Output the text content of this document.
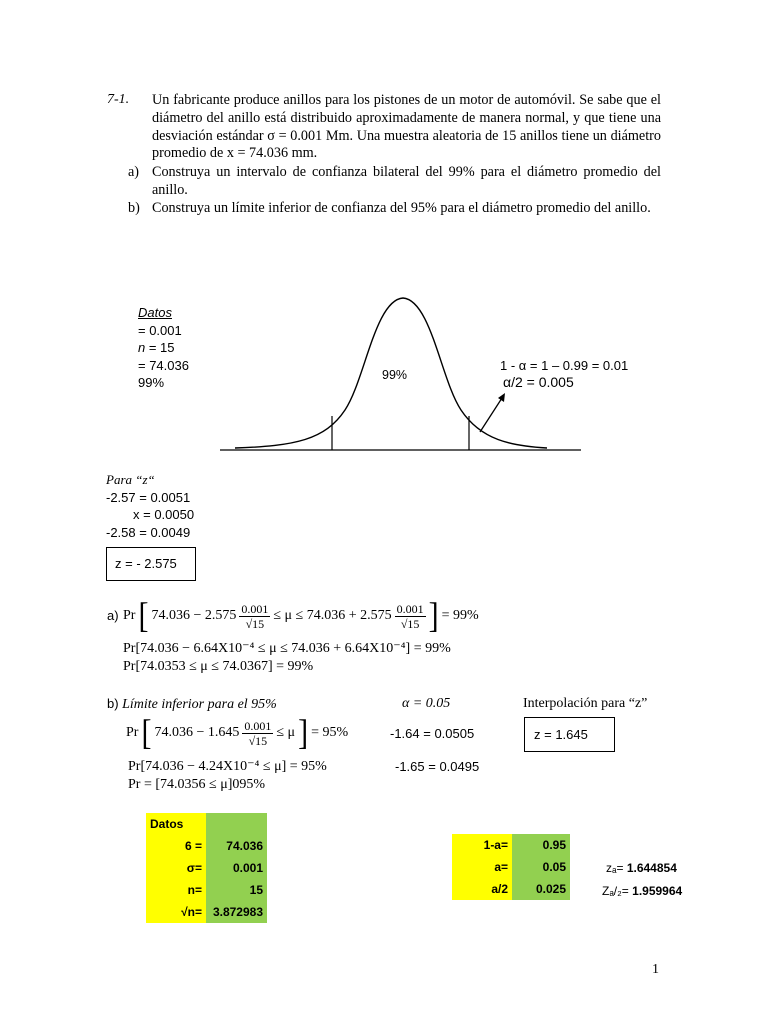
7-1. Un fabricante produce anillos para los pistones de un motor de automóvil. Se sabe que el diámetro del anillo está distribuido aproximadamente de manera normal, y que tiene una desviación estándar σ = 0.001 Mm. Una muestra aleatoria de 15 anillos tiene un diámetro promedio de x = 74.036 mm.
a) Construya un intervalo de confianza bilateral del 99% para el diámetro promedio del anillo.
b) Construya un límite inferior de confianza del 95% para el diámetro promedio del anillo.
Datos
= 0.001
n = 15
= 74.036
99%	99%
1 - α = 1 – 0.99 = 0.01
α/2 = 0.005
Para “z“
-2.57 = 0.0051
x = 0.0050
-2.58 = 0.0049
z = - 2.575
a) Pr [ $74.036 - 2.575 \frac{0.001}{√15} \le \mu \le 74.036 + 2.575 \frac{0.001}{√15}$ ] = 99%
Pr[74.036 − 6.64X10⁻⁴ ≤ μ ≤ 74.036 + 6.64X10⁻⁴] = 99%
Pr[74.0353 ≤ μ ≤ 74.0367] = 99%
b) Límite inferior para el 95%	α = 0.05	Interpolación para “z”
Pr [ $74.036 - 1.645 \frac{0.001}{√15} \le \mu$ ] = 95%	-1.64 = 0.0505	z = 1.645
Pr[74.036 − 4.24X10⁻⁴ ≤ μ] = 95%	-1.65 = 0.0495
Pr = [74.0356 ≤ μ]095%
Datos	
6 =	74.036
σ=	0.001
n=	15
√n=	3.872983
1-a=	0.95
a=	0.05
a/2	0.025
zₐ= 1.644854
Zₐ/₂= 1.959964
1
